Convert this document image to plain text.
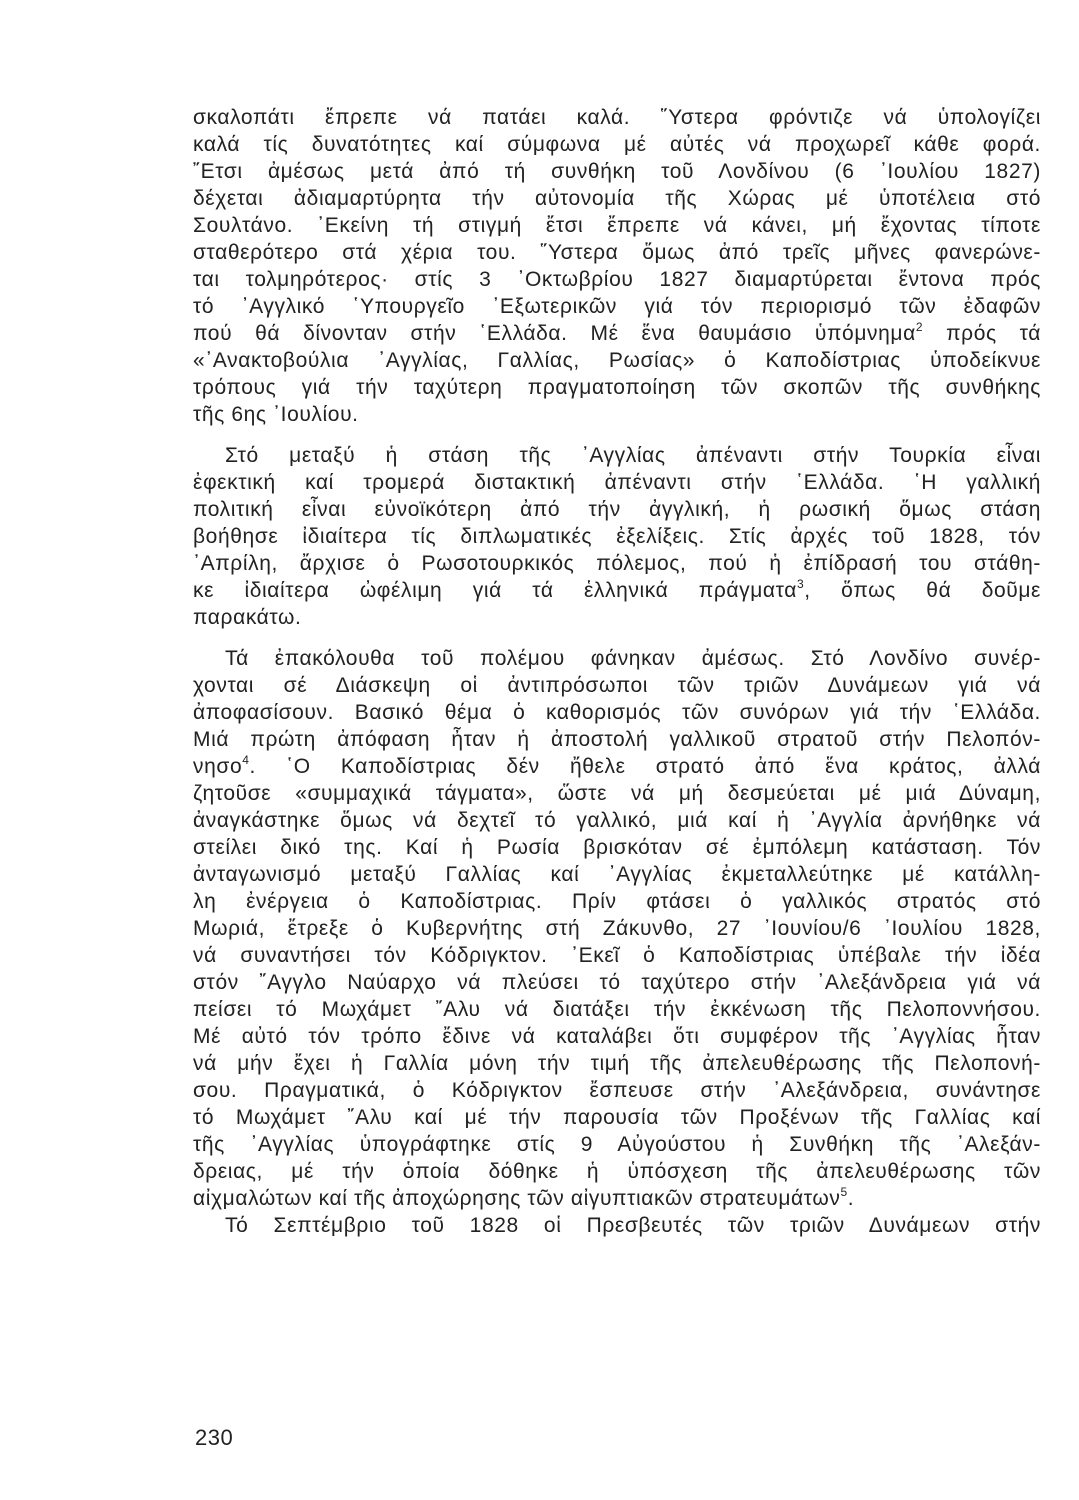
σκαλοπάτι ἔπρεπε νά πατάει καλά. ῞Υστερα φρόντιζε νά ὑπολογίζει
καλά τίς δυνατότητες καί σύμφωνα μέ αὐτές νά προχωρεῖ κάθε φορά.
῎Ετσι ἀμέσως μετά ἀπό τή συνθήκη τοῦ Λονδίνου (6 ᾿Ιουλίου 1827)
δέχεται ἀδιαμαρτύρητα τήν αὐτονομία τῆς Χώρας μέ ὑποτέλεια στό
Σουλτάνο. ᾿Εκείνη τή στιγμή ἔτσι ἔπρεπε νά κάνει, μή ἔχοντας τίποτε
σταθερότερο στά χέρια του. ῞Υστερα ὅμως ἀπό τρεῖς μῆνες φανερώνε-
ται τολμηρότερος· στίς 3 ᾿Οκτωβρίου 1827 διαμαρτύρεται ἔντονα πρός
τό ᾿Αγγλικό ῾Υπουργεῖο ᾿Εξωτερικῶν γιά τόν περιορισμό τῶν ἐδαφῶν
πού θά δίνονταν στήν ῾Ελλάδα. Μέ ἕνα θαυμάσιο ὑπόμνημα$^2$ πρός τά
«᾿Ανακτοβούλια ᾿Αγγλίας, Γαλλίας, Ρωσίας» ὁ Καποδίστριας ὑποδείκνυε
τρόπους γιά τήν ταχύτερη πραγματοποίηση τῶν σκοπῶν τῆς συνθήκης
τῆς 6ης ᾿Ιουλίου.
Στό μεταξύ ἡ στάση τῆς ᾿Αγγλίας ἀπέναντι στήν Τουρκία εἶναι
ἐφεκτική καί τρομερά διστακτική ἀπέναντι στήν ῾Ελλάδα. ῾Η γαλλική
πολιτική εἶναι εὐνοϊκότερη ἀπό τήν ἀγγλική, ἡ ρωσική ὅμως στάση
βοήθησε ἰδιαίτερα τίς διπλωματικές ἐξελίξεις. Στίς ἀρχές τοῦ 1828, τόν
᾿Απρίλη, ἄρχισε ὁ Ρωσοτουρκικός πόλεμος, πού ἡ ἐπίδρασή του στάθη-
κε ἰδιαίτερα ὠφέλιμη γιά τά ἑλληνικά πράγματα$^3$, ὅπως θά δοῦμε
παρακάτω.
Τά ἐπακόλουθα τοῦ πολέμου φάνηκαν ἀμέσως. Στό Λονδίνο συνέρ-
χονται σέ Διάσκεψη οἱ ἀντιπρόσωποι τῶν τριῶν Δυνάμεων γιά νά
ἀποφασίσουν. Βασικό θέμα ὁ καθορισμός τῶν συνόρων γιά τήν ῾Ελλάδα.
Μιά πρώτη ἀπόφαση ἦταν ἡ ἀποστολή γαλλικοῦ στρατοῦ στήν Πελοπόν-
νησο$^4$. ῾Ο Καποδίστριας δέν ἤθελε στρατό ἀπό ἕνα κράτος, ἀλλά
ζητοῦσε «συμμαχικά τάγματα», ὥστε νά μή δεσμεύεται μέ μιά Δύναμη,
ἀναγκάστηκε ὅμως νά δεχτεῖ τό γαλλικό, μιά καί ἡ ᾿Αγγλία ἀρνήθηκε νά
στείλει δικό της. Καί ἡ Ρωσία βρισκόταν σέ ἐμπόλεμη κατάσταση. Τόν
ἀνταγωνισμό μεταξύ Γαλλίας καί ᾿Αγγλίας ἐκμεταλλεύτηκε μέ κατάλλη-
λη ἐνέργεια ὁ Καποδίστριας. Πρίν φτάσει ὁ γαλλικός στρατός στό
Μωριά, ἔτρεξε ὁ Κυβερνήτης στή Ζάκυνθο, 27 ᾿Ιουνίου/6 ᾿Ιουλίου 1828,
νά συναντήσει τόν Κόδριγκτον. ᾿Εκεῖ ὁ Καποδίστριας ὑπέβαλε τήν ἰδέα
στόν ῎Αγγλο Ναύαρχο νά πλεύσει τό ταχύτερο στήν ᾿Αλεξάνδρεια γιά νά
πείσει τό Μωχάμετ ῎Αλυ νά διατάξει τήν ἐκκένωση τῆς Πελοποννήσου.
Μέ αὐτό τόν τρόπο ἔδινε νά καταλάβει ὅτι συμφέρον τῆς ᾿Αγγλίας ἦταν
νά μήν ἔχει ἡ Γαλλία μόνη τήν τιμή τῆς ἀπελευθέρωσης τῆς Πελοπονή-
σου. Πραγματικά, ὁ Κόδριγκτον ἔσπευσε στήν ᾿Αλεξάνδρεια, συνάντησε
τό Μωχάμετ ῎Αλυ καί μέ τήν παρουσία τῶν Προξένων τῆς Γαλλίας καί
τῆς ᾿Αγγλίας ὑπογράφτηκε στίς 9 Αὐγούστου ἡ Συνθήκη τῆς ᾿Αλεξάν-
δρειας, μέ τήν ὁποία δόθηκε ἡ ὑπόσχεση τῆς ἀπελευθέρωσης τῶν
αἰχμαλώτων καί τῆς ἀποχώρησης τῶν αἰγυπτιακῶν στρατευμάτων$^5$.
Τό Σεπτέμβριο τοῦ 1828 οἱ Πρεσβευτές τῶν τριῶν Δυνάμεων στήν
230
